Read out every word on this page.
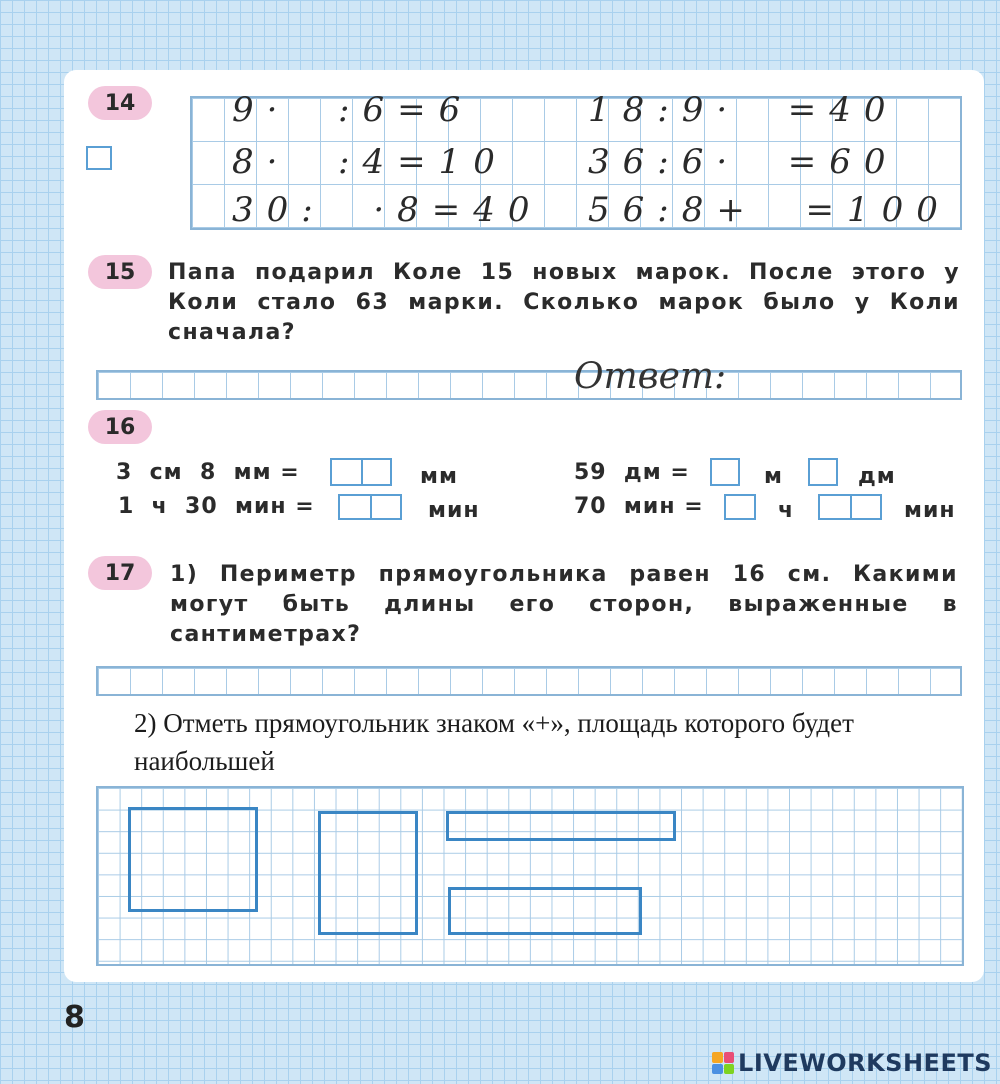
14	9·  :6=6	18:9·  =40
8·  :4=10 36:6·  =60
30:  ·8=40 56:8+  =100
15 Папа подарил Коле 15 новых марок. После этого у Коли стало 63 марки. Сколько марок было у Коли сначала?
Ответ:
16
3  см  8  мм =	мм	59  дм =	м	дм
1  ч  30  мин =	мин	70  мин =	ч	мин
17 1) Периметр прямоугольника равен 16 см. Какими могут быть длины его сторон, выраженные в сантиметрах?
2) Отметь прямоугольник знаком «+», площадь которого будет наибольшей
8
LIVEWORKSHEETS
